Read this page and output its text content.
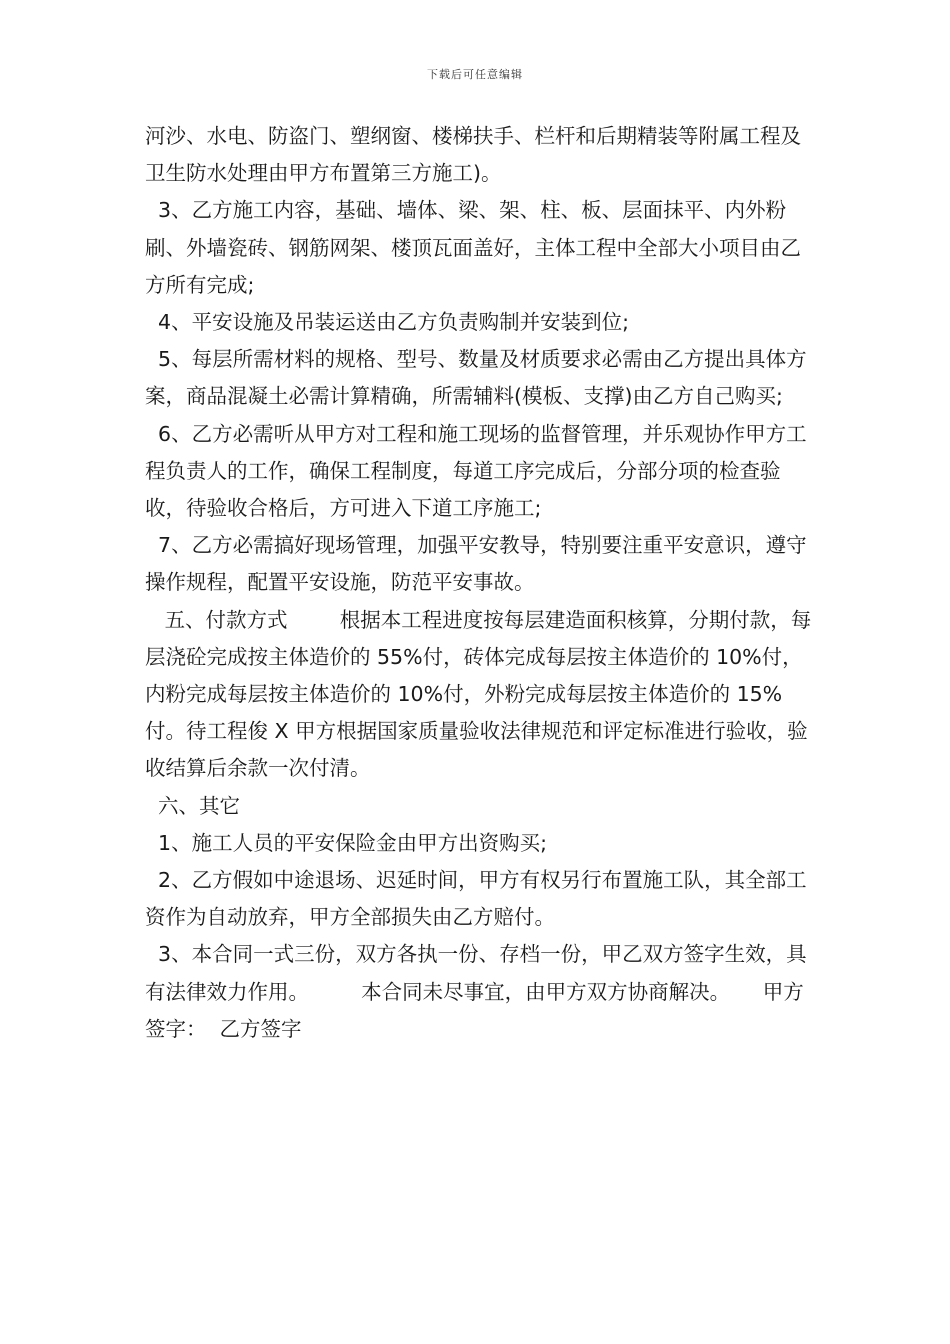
下载后可任意编辑

河沙、水电、防盗门、塑纲窗、楼梯扶手、栏杆和后期精装等附属工程及卫生防水处理由甲方布置第三方施工)。

3、乙方施工内容，基础、墙体、梁、架、柱、板、层面抹平、内外粉刷、外墙瓷砖、钢筋网架、楼顶瓦面盖好，主体工程中全部大小项目由乙方所有完成;

4、平安设施及吊装运送由乙方负责购制并安装到位;

5、每层所需材料的规格、型号、数量及材质要求必需由乙方提出具体方案，商品混凝土必需计算精确，所需辅料(模板、支撑)由乙方自己购买;

6、乙方必需听从甲方对工程和施工现场的监督管理，并乐观协作甲方工程负责人的工作，确保工程制度，每道工序完成后，分部分项的检查验收，待验收合格后，方可进入下道工序施工;

7、乙方必需搞好现场管理，加强平安教导，特别要注重平安意识，遵守操作规程，配置平安设施，防范平安事故。

五、付款方式        根据本工程进度按每层建造面积核算，分期付款，每层浇砼完成按主体造价的 55%付，砖体完成每层按主体造价的 10%付，内粉完成每层按主体造价的 10%付，外粉完成每层按主体造价的 15%付。待工程俊 X 甲方根据国家质量验收法律规范和评定标准进行验收，验收结算后余款一次付清。

六、其它

1、施工人员的平安保险金由甲方出资购买;

2、乙方假如中途退场、迟延时间，甲方有权另行布置施工队，其全部工资作为自动放弃，甲方全部损失由乙方赔付。

3、本合同一式三份，双方各执一份、存档一份，甲乙双方签字生效，具有法律效力作用。        本合同未尽事宜，由甲方双方协商解决。     甲方签字：  乙方签字
